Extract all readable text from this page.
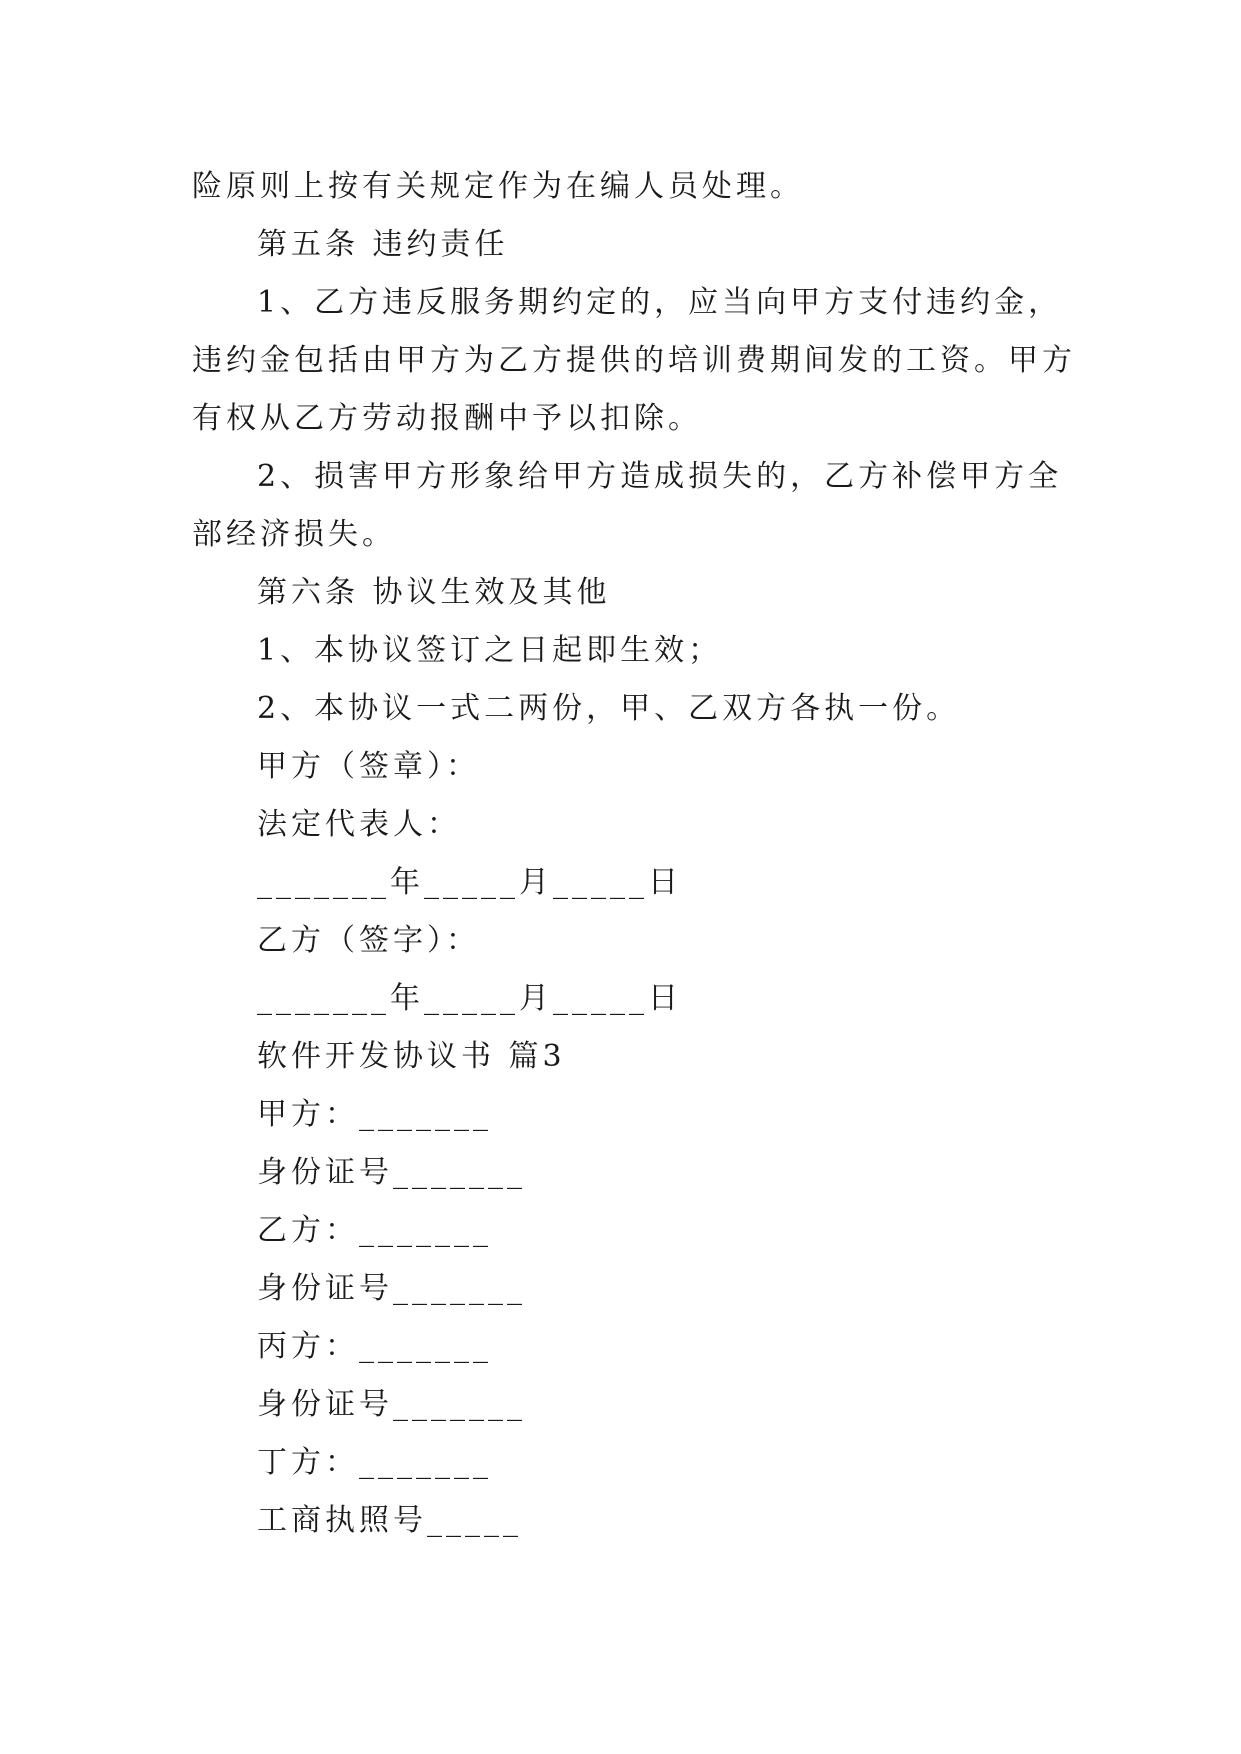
险原则上按有关规定作为在编人员处理。
第五条 违约责任
1、乙方违反服务期约定的，应当向甲方支付违约金，
违约金包括由甲方为乙方提供的培训费期间发的工资。甲方
有权从乙方劳动报酬中予以扣除。
2、损害甲方形象给甲方造成损失的，乙方补偿甲方全
部经济损失。
第六条 协议生效及其他
1、本协议签订之日起即生效；
2、本协议一式二两份，甲、乙双方各执一份。
甲方（签章）：
法定代表人：
_______年_____月_____日
乙方（签字）：
_______年_____月_____日
软件开发协议书 篇3
甲方：_______
身份证号_______
乙方：_______
身份证号_______
丙方：_______
身份证号_______
丁方：_______
工商执照号_____
